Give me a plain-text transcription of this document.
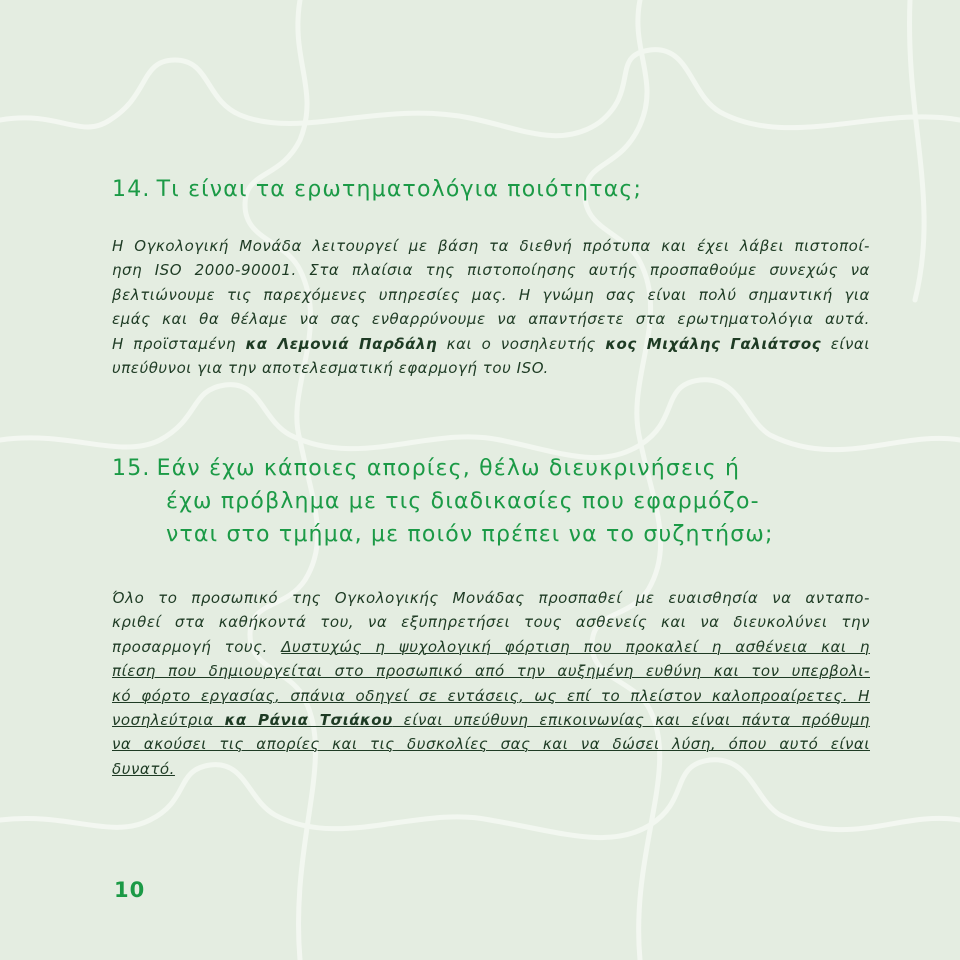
14. Τι είναι τα ερωτηματολόγια ποιότητας;

Η Ογκολογική Μονάδα λειτουργεί με βάση τα διεθνή πρότυπα και έχει λάβει πιστοποί-
ηση ISO 2000-90001. Στα πλαίσια της πιστοποίησης αυτής προσπαθούμε συνεχώς να
βελτιώνουμε τις παρεχόμενες υπηρεσίες μας. Η γνώμη σας είναι πολύ σημαντική για
εμάς και θα θέλαμε να σας ενθαρρύνουμε να απαντήσετε στα ερωτηματολόγια αυτά.
Η προϊσταμένη κα Λεμονιά Παρδάλη και ο νοσηλευτής κος Μιχάλης Γαλιάτσος είναι
υπεύθυνοι για την αποτελεσματική εφαρμογή του ISO.

15. Εάν έχω κάποιες απορίες, θέλω διευκρινήσεις ή
έχω πρόβλημα με τις διαδικασίες που εφαρμόζο-
νται στο τμήμα, με ποιόν πρέπει να το συζητήσω;

Όλο το προσωπικό της Ογκολογικής Μονάδας προσπαθεί με ευαισθησία να ανταπο-
κριθεί στα καθήκοντά του, να εξυπηρετήσει τους ασθενείς και να διευκολύνει την
προσαρμογή τους. Δυστυχώς η ψυχολογική φόρτιση που προκαλεί η ασθένεια και η
πίεση που δημιουργείται στο προσωπικό από την αυξημένη ευθύνη και τον υπερβολι-
κό φόρτο εργασίας, σπάνια οδηγεί σε εντάσεις, ως επί το πλείστον καλοπροαίρετες. Η
νοσηλεύτρια κα Ράνια Τσιάκου είναι υπεύθυνη επικοινωνίας και είναι πάντα πρόθυμη
να ακούσει τις απορίες και τις δυσκολίες σας και να δώσει λύση, όπου αυτό είναι
δυνατό.

10
